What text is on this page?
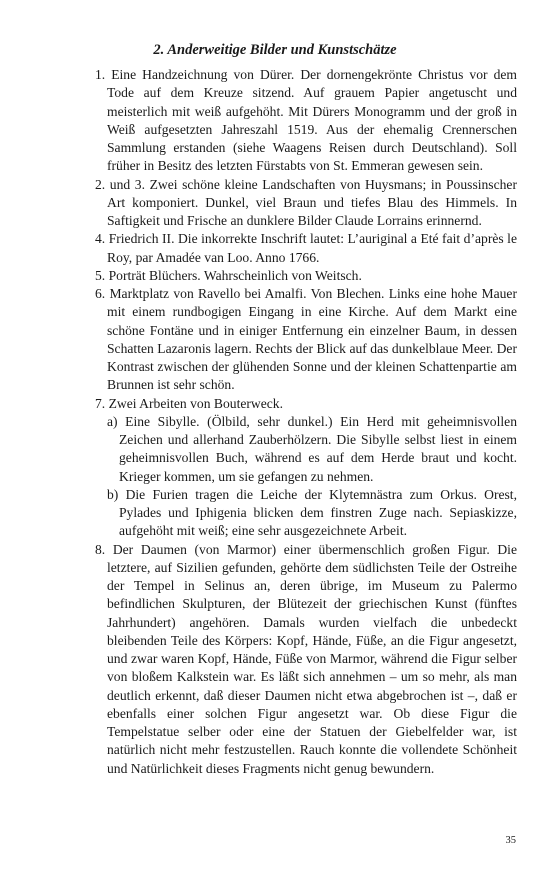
2. Anderweitige Bilder und Kunstschätze

1. Eine Handzeichnung von Dürer. Der dornengekrönte Christus vor dem Tode auf dem Kreuze sitzend. Auf grauem Papier angetuscht und meisterlich mit weiß aufgehöht. Mit Dürers Monogramm und der groß in Weiß aufgesetzten Jahreszahl 1519. Aus der ehemalig Crennerschen Sammlung erstanden (siehe Waagens Reisen durch Deutschland). Soll früher in Besitz des letzten Fürstabts von St. Emmeran gewesen sein.

2. und 3. Zwei schöne kleine Landschaften von Huysmans; in Poussinscher Art komponiert. Dunkel, viel Braun und tiefes Blau des Himmels. In Saftigkeit und Frische an dunklere Bilder Claude Lorrains erinnernd.

4. Friedrich II. Die inkorrekte Inschrift lautet: L’auriginal a Eté fait d’après le Roy, par Amadée van Loo. Anno 1766.

5. Porträt Blüchers. Wahrscheinlich von Weitsch.

6. Marktplatz von Ravello bei Amalfi. Von Blechen. Links eine hohe Mauer mit einem rundbogigen Eingang in eine Kirche. Auf dem Markt eine schöne Fontäne und in einiger Entfernung ein einzelner Baum, in dessen Schatten Lazaronis lagern. Rechts der Blick auf das dunkelblaue Meer. Der Kontrast zwischen der glühenden Sonne und der kleinen Schattenpartie am Brunnen ist sehr schön.

7. Zwei Arbeiten von Bouterweck.

a) Eine Sibylle. (Ölbild, sehr dunkel.) Ein Herd mit geheimnisvollen Zeichen und allerhand Zauberhölzern. Die Sibylle selbst liest in einem geheimnisvollen Buch, während es auf dem Herde braut und kocht. Krieger kommen, um sie gefangen zu nehmen.

b) Die Furien tragen die Leiche der Klytemnästra zum Orkus. Orest, Pylades und Iphigenia blicken dem finstren Zuge nach. Sepiaskizze, aufgehöht mit weiß; eine sehr ausgezeichnete Arbeit.

8. Der Daumen (von Marmor) einer übermenschlich großen Figur. Die letztere, auf Sizilien gefunden, gehörte dem südlichsten Teile der Ostreihe der Tempel in Selinus an, deren übrige, im Museum zu Palermo befindlichen Skulpturen, der Blütezeit der griechischen Kunst (fünftes Jahrhundert) angehören. Damals wurden vielfach die unbedeckt bleibenden Teile des Körpers: Kopf, Hände, Füße, an die Figur angesetzt, und zwar waren Kopf, Hände, Füße von Marmor, während die Figur selber von bloßem Kalkstein war. Es läßt sich annehmen – um so mehr, als man deutlich erkennt, daß dieser Daumen nicht etwa abgebrochen ist –, daß er ebenfalls einer solchen Figur angesetzt war. Ob diese Figur die Tempelstatue selber oder eine der Statuen der Giebelfelder war, ist natürlich nicht mehr festzustellen. Rauch konnte die vollendete Schönheit und Natürlichkeit dieses Fragments nicht genug bewundern.

35
